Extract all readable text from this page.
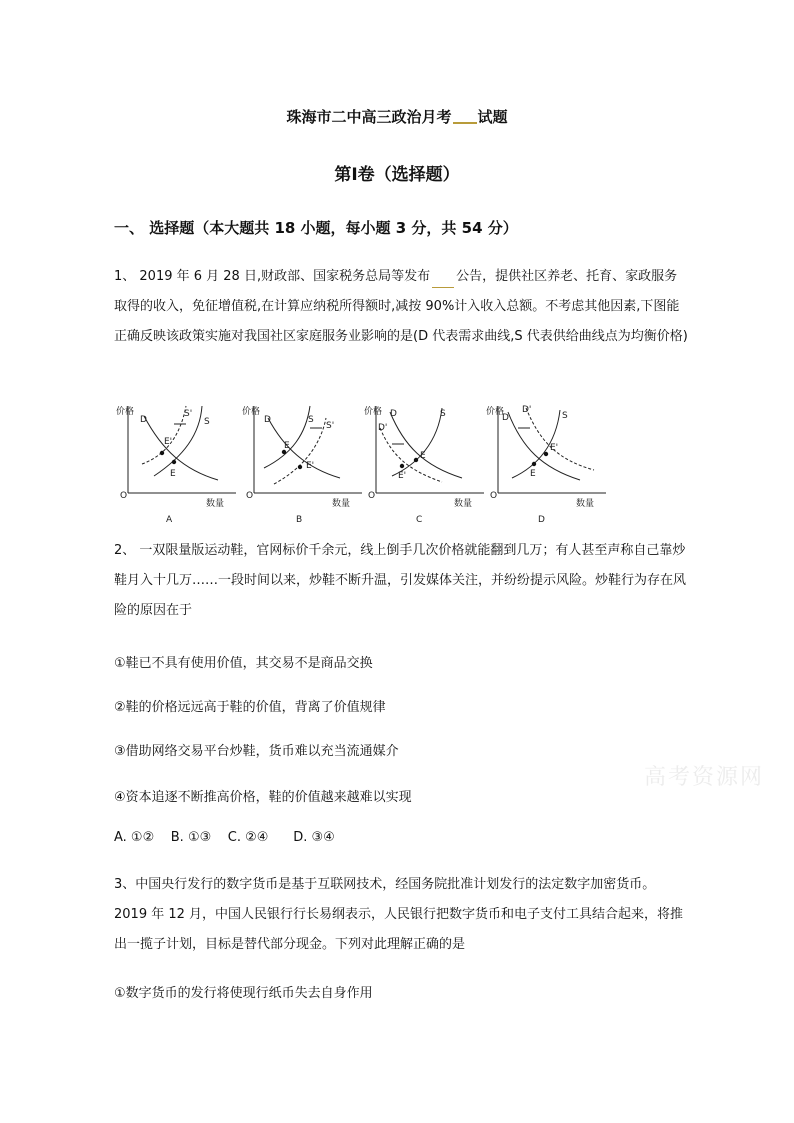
珠海市二中高三政治月考 试题
第Ⅰ卷（选择题）
一、 选择题（本大题共 18 小题，每小题 3 分，共 54 分）
1、 2019 年 6 月 28 日,财政部、国家税务总局等发布 公告，提供社区养老、托育、家政服务取得的收入，免征增值税,在计算应纳税所得额时,减按 90%计入收入总额。不考虑其他因素,下图能正确反映该政策实施对我国社区家庭服务业影响的是(D 代表需求曲线,S 代表供给曲线点为均衡价格)
价格
数量
O
D	S
S'
E
E'
A
价格
数量
O
D	S
S'
E
E'
B
价格
数量
O
D
D'
S
E
E'
C
价格
数量
O
D
D'
S
E
E'
D
2、 一双限量版运动鞋，官网标价千余元，线上倒手几次价格就能翻到几万；有人甚至声称自己靠炒鞋月入十几万……一段时间以来，炒鞋不断升温，引发媒体关注，并纷纷提示风险。炒鞋行为存在风险的原因在于
①鞋已不具有使用价值，其交易不是商品交换
②鞋的价格远远高于鞋的价值，背离了价值规律
③借助网络交易平台炒鞋，货币难以充当流通媒介
④资本追逐不断推高价格，鞋的价值越来越难以实现
A. ①②    B. ①③    C. ②④      D. ③④
3、中国央行发行的数字货币是基于互联网技术，经国务院批准计划发行的法定数字加密货币。2019 年 12 月，中国人民银行行长易纲表示，人民银行把数字货币和电子支付工具结合起来，将推出一揽子计划，目标是替代部分现金。下列对此理解正确的是
①数字货币的发行将使现行纸币失去自身作用
高考资源网
